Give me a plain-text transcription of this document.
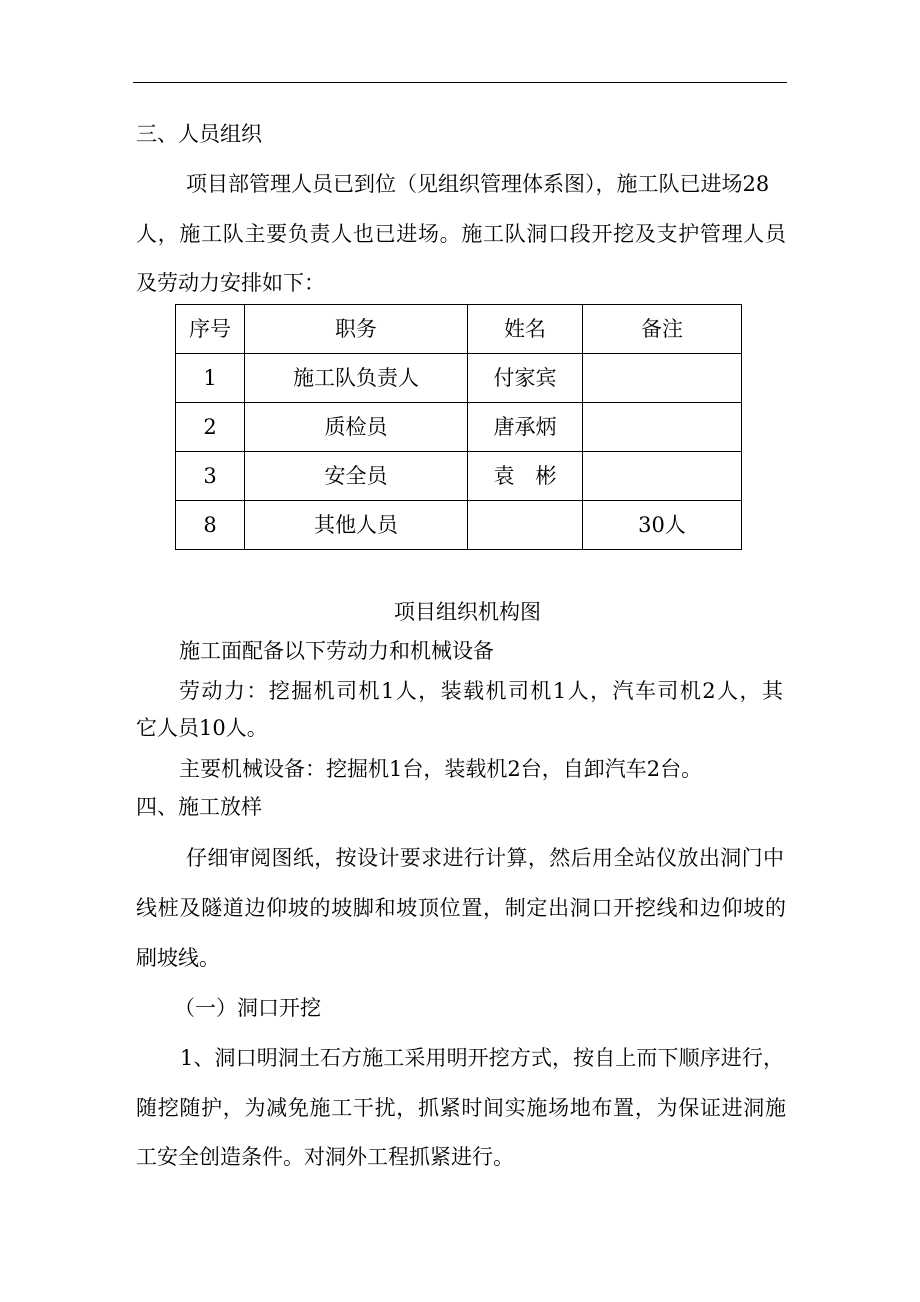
三、人员组织
项目部管理人员已到位（见组织管理体系图），施工队已进场28
人，施工队主要负责人也已进场。施工队洞口段开挖及支护管理人员
及劳动力安排如下：
序号	职务	姓名	备注
1	施工队负责人	付家宾	
2	质检员	唐承炳	
3	安全员	袁　彬	
8	其他人员		30人
项目组织机构图
施工面配备以下劳动力和机械设备
劳动力：挖掘机司机1人，装载机司机1人，汽车司机2人，其
它人员10人。
主要机械设备：挖掘机1台，装载机2台，自卸汽车2台。
四、施工放样
仔细审阅图纸，按设计要求进行计算，然后用全站仪放出洞门中
线桩及隧道边仰坡的坡脚和坡顶位置，制定出洞口开挖线和边仰坡的
刷坡线。
（一）洞口开挖
1、洞口明洞土石方施工采用明开挖方式，按自上而下顺序进行，
随挖随护，为减免施工干扰，抓紧时间实施场地布置，为保证进洞施
工安全创造条件。对洞外工程抓紧进行。
